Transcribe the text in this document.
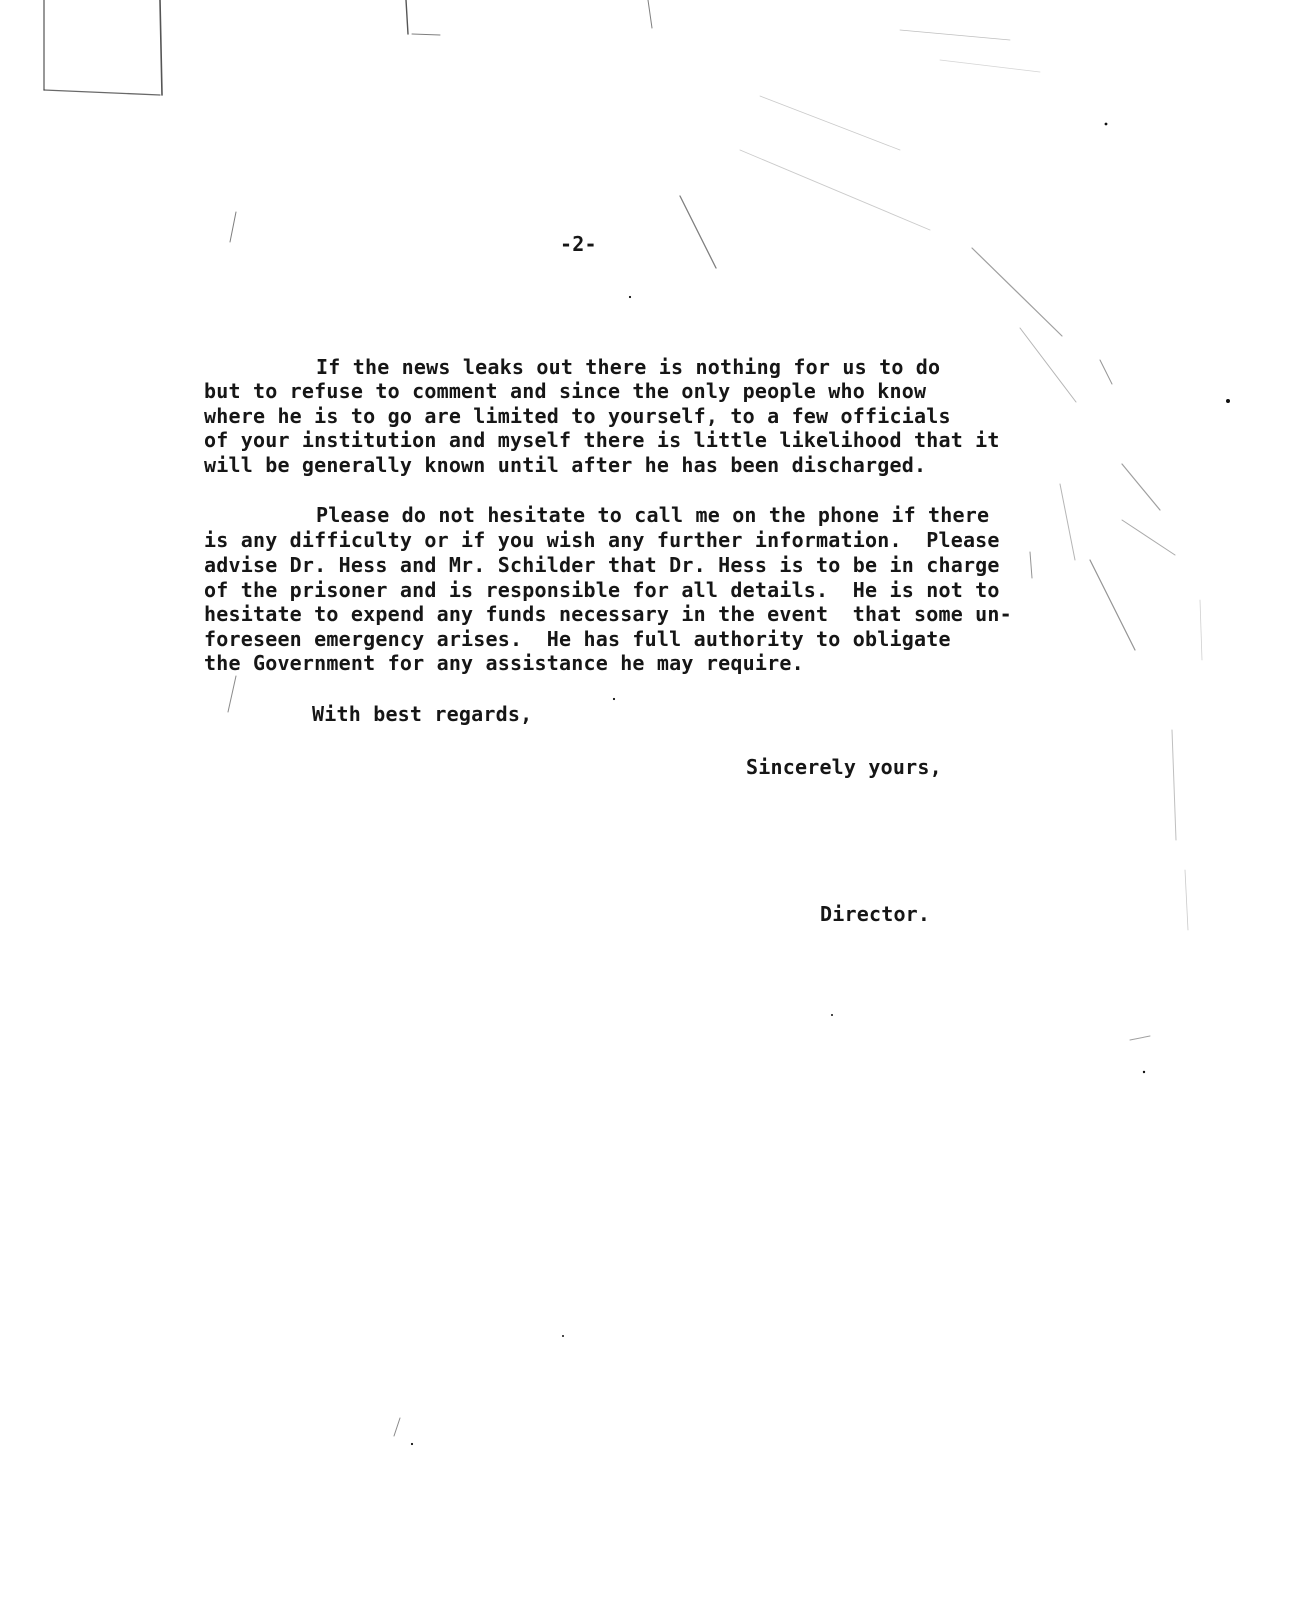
-2-
If the news leaks out there is nothing for us to do
but to refuse to comment and since the only people who know
where he is to go are limited to yourself, to a few officials
of your institution and myself there is little likelihood that it
will be generally known until after he has been discharged.
Please do not hesitate to call me on the phone if there
is any difficulty or if you wish any further information.  Please
advise Dr. Hess and Mr. Schilder that Dr. Hess is to be in charge
of the prisoner and is responsible for all details.  He is not to
hesitate to expend any funds necessary in the event  that some un-
foreseen emergency arises.  He has full authority to obligate
the Government for any assistance he may require.
With best regards,
Sincerely yours,
Director.
